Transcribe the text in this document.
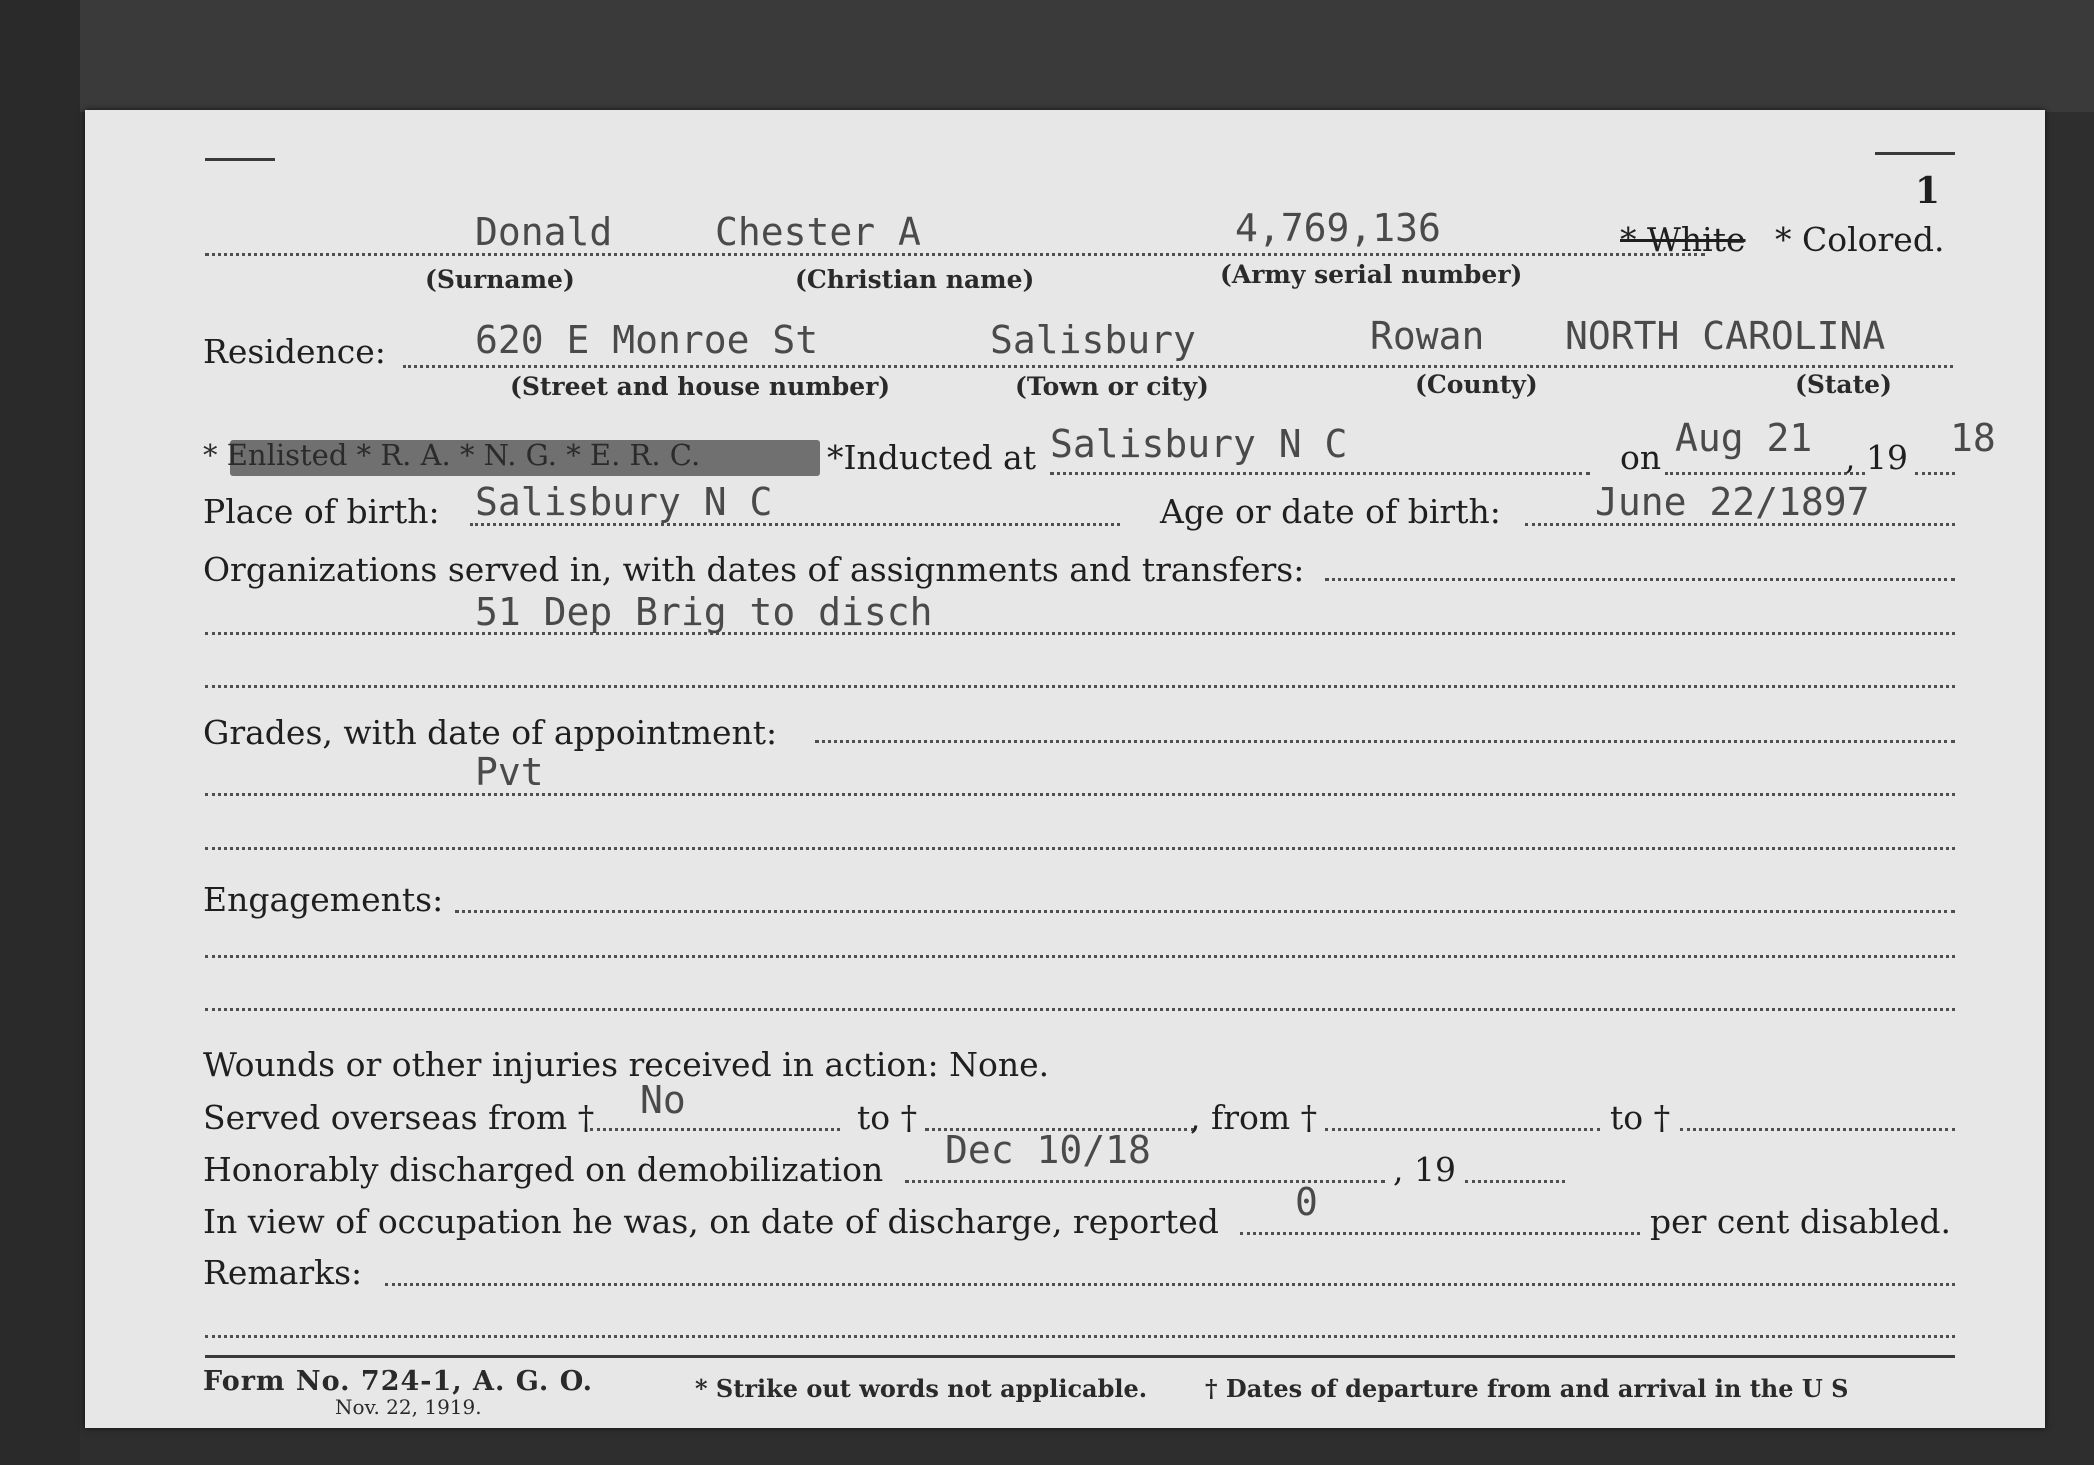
1
Donald	Chester A	4,769,136	* White * Colored.
(Surname)	(Christian name)	(Army serial number)
Residence: 620 E Monroe St	Salisbury	Rowan NORTH CAROLINA
(Street and house number)	(Town or city)	(County)	(State)
* Enlisted * R. A. * N. G. * E. R. C.	*Inducted at Salisbury N C	on Aug 21 , 19 18
Place of birth: Salisbury N C	Age or date of birth: June 22/1897
Organizations served in, with dates of assignments and transfers:
51 Dep Brig to disch
Grades, with date of appointment:
Pvt
Engagements:
Wounds or other injuries received in action: None.
Served overseas from † No	to †	, from †	to †
Honorably discharged on demobilization Dec 10/18	, 19
In view of occupation he was, on date of discharge, reported 0	per cent disabled.
Remarks:
Form No. 724-1, A. G. O.
Nov. 22, 1919.
* Strike out words not applicable. † Dates of departure from and arrival in the U S
